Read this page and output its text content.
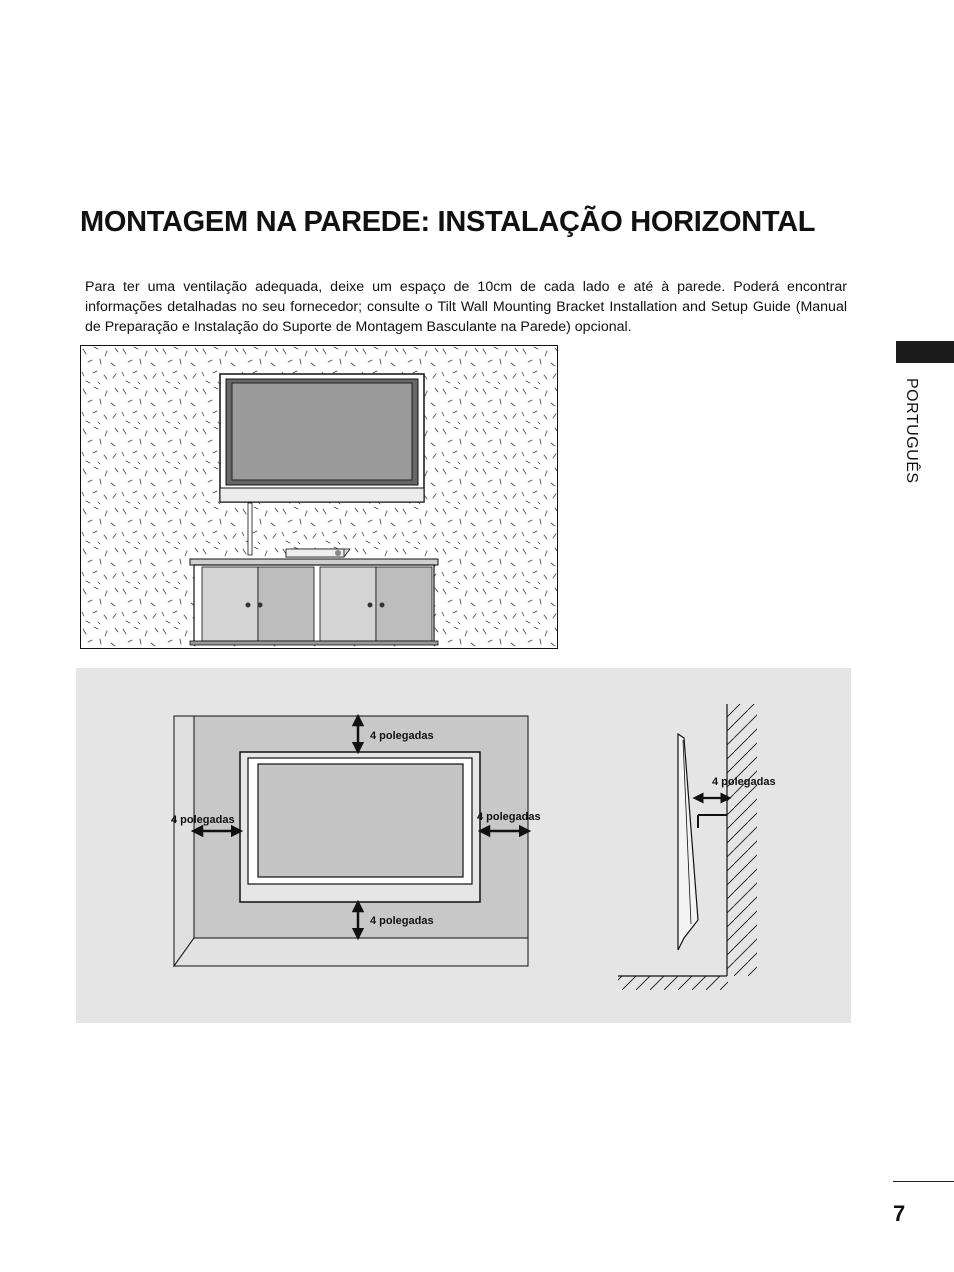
MONTAGEM NA PAREDE: INSTALAÇÃO HORIZONTAL

Para ter uma ventilação adequada, deixe um espaço de 10cm de cada lado e até à parede. Poderá encontrar informações detalhadas no seu fornecedor; consulte o Tilt Wall Mounting Bracket Installation and Setup Guide (Manual de Preparação e Instalação do Suporte de Montagem Basculante na Parede) opcional.

PORTUGUÊS
4 polegadas
4 polegadas
4 polegadas	4 polegadas
4 polegadas
7
